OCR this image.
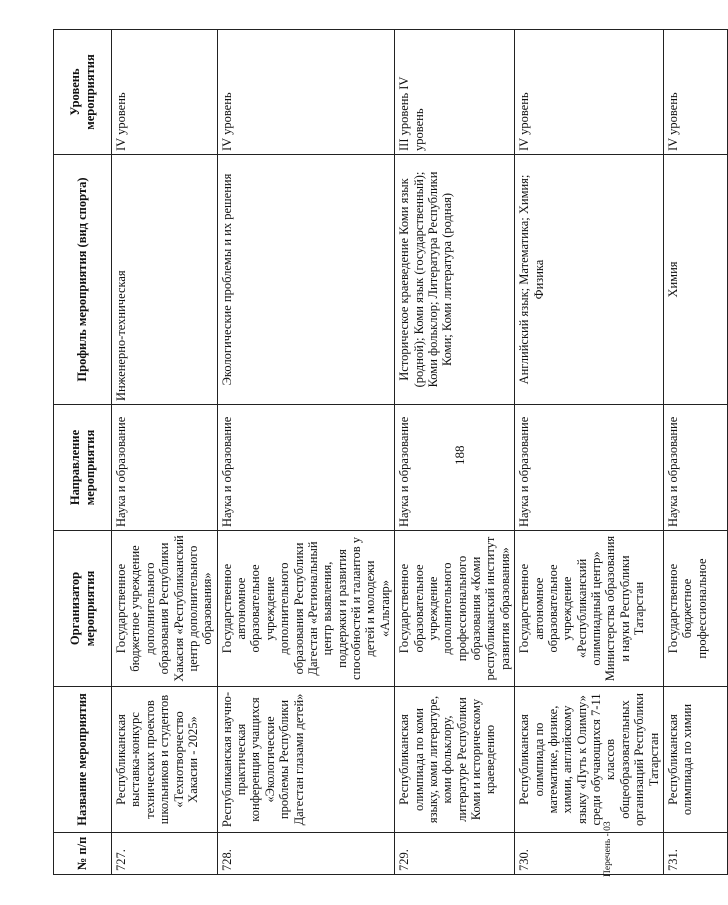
188
№ п/п	Название мероприятия	Организатор мероприятия	Направление мероприятия	Профиль мероприятия (вид спорта)	Уровень мероприятия
727.	Республиканская выставка-конкурс технических проектов школьников и студентов «Технотворчество Хакасии - 2025»	Государственное бюджетное учреждение дополнительного образования Республики Хакасия «Республиканский центр дополнительного образования»	Наука и образование	Инженерно-техническая	IV уровень
728.	Республиканская научно-практическая конференция учащихся «Экологические проблемы Республики Дагестан глазами детей»	Государственное автономное образовательное учреждение дополнительного образования Республики Дагестан «Региональный центр выявления, поддержки и развития способностей и талантов у детей и молодежи «Альтаир»	Наука и образование	Экологические проблемы и их решения	IV уровень
729.	Республиканская олимпиада по коми языку, коми литературе, коми фольклору, литературе Республики Коми и историческому краеведению	Государственное образовательное учреждение дополнительного профессионального образования «Коми республиканский институт развития образования»	Наука и образование	Историческое краеведение Коми язык (родной); Коми язык (государственный); Коми фольклор; Литература Республики Коми; Коми литература (родная)	III уровень IV уровень
730.	Республиканская олимпиада по математике, физике, химии, английскому языку «Путь к Олимпу» среди обучающихся 7-11 классов общеобразовательных организаций Республики Татарстан	Государственное автономное образовательное учреждение «Республиканский олимпиадный центр» Министерства образования и науки Республики Татарстан	Наука и образование	Английский язык; Математика; Химия; Физика	IV уровень
731.	Республиканская олимпиада по химии	Государственное бюджетное профессиональное	Наука и образование	Химия	IV уровень
Перечень - 03
